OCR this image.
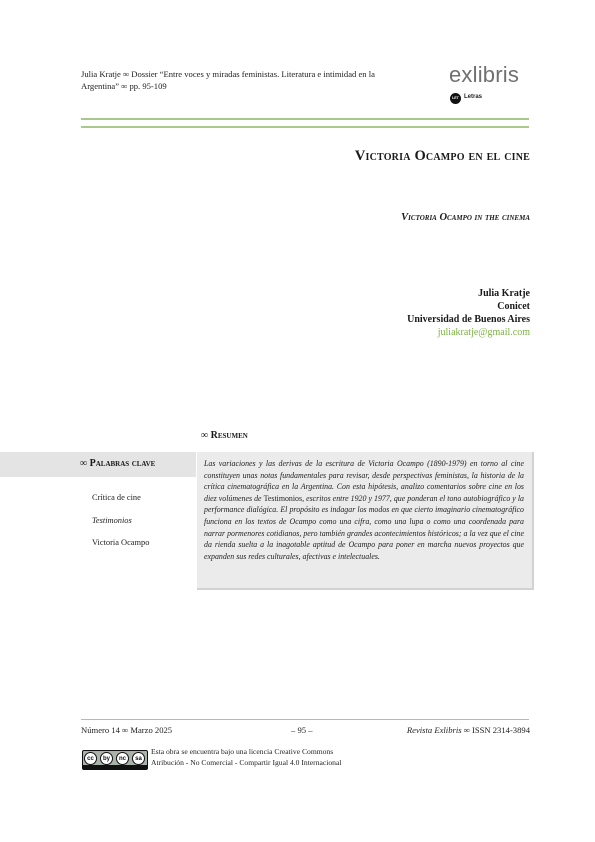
Julia Kratje ∞ Dossier “Entre voces y miradas feministas. Literatura e intimidad en la
Argentina” ∞ pp. 95-109	exlibris
LET Letras
Victoria Ocampo en el cine
Victoria Ocampo in the cinema
Julia Kratje
Conicet
Universidad de Buenos Aires
juliakratje@gmail.com
∞ Resumen
∞ Palabras clave
Crítica de cine
Testimonios
Victoria Ocampo
Las variaciones y las derivas de la escritura de Victoria Ocampo (1890-1979) en torno al cine constituyen unas notas fundamentales para revisar, desde perspectivas feministas, la historia de la crítica cinematográfica en la Argentina. Con esta hipótesis, analizo comentarios sobre cine en los diez volúmenes de Testimonios, escritos entre 1920 y 1977, que ponderan el tono autobiográfico y la performance dialógica. El propósito es indagar los modos en que cierto imaginario cinematográfico funciona en los textos de Ocampo como una cifra, como una lupa o como una coordenada para narrar pormenores cotidianos, pero también grandes acontecimientos históricos; a la vez que el cine da rienda suelta a la inagotable aptitud de Ocampo para poner en marcha nuevos proyectos que expanden sus redes culturales, afectivas e intelectuales.
Número 14 ∞ Marzo 2025	– 95 –	Revista Exlibris ∞ ISSN 2314-3894
cc	by	nc	sa
Esta obra se encuentra bajo una licencia Creative Commons
Atribución - No Comercial - Compartir Igual 4.0 Internacional
